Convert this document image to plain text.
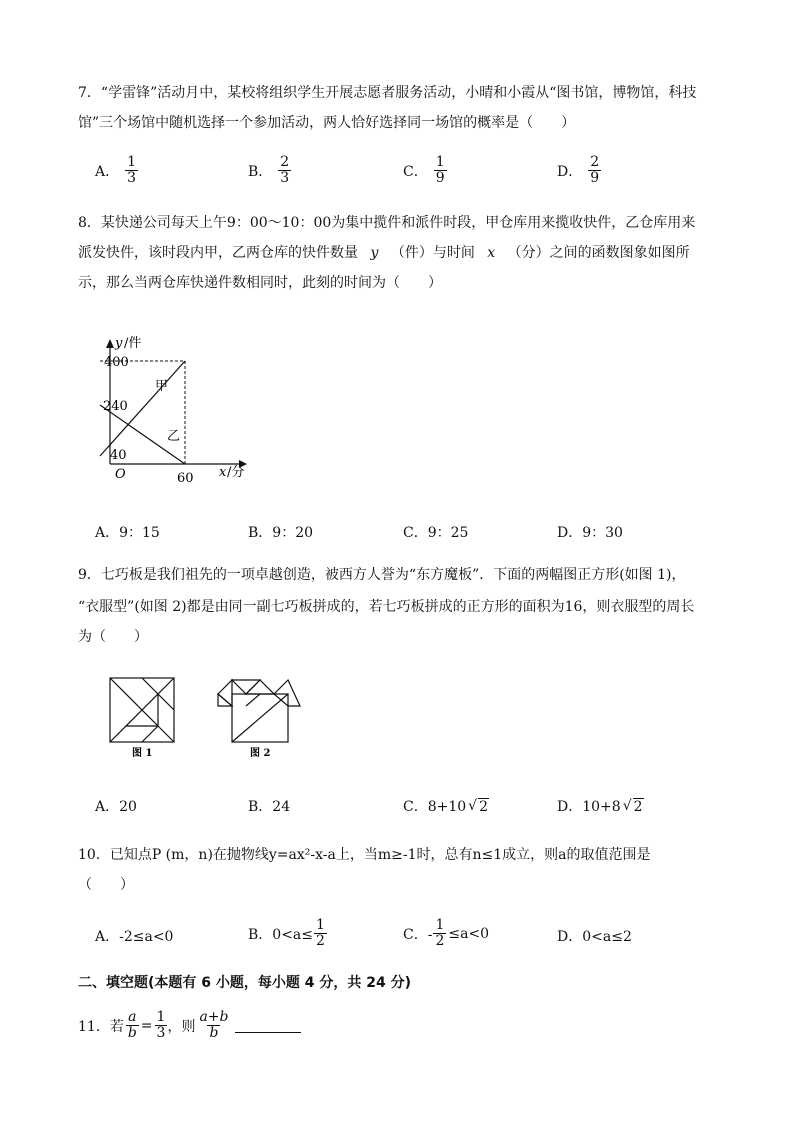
7．“学雷锋”活动月中，某校将组织学生开展志愿者服务活动，小晴和小霞从“图书馆，博物馆，科技
馆”三个场馆中随机选择一个参加活动，两人恰好选择同一场馆的概率是（　　）
A． $\frac{1}{3}$	B． $\frac{2}{3}$	C． $\frac{1}{9}$	D． $\frac{2}{9}$
8．某快递公司每天上午9：00～10：00为集中揽件和派件时段，甲仓库用来揽收快件，乙仓库用来
派发快件，该时段内甲，乙两仓库的快件数量 y （件）与时间 x （分）之间的函数图象如图所
示，那么当两仓库快递件数相同时，此刻的时间为（　　）
y /件
x /分
O
400
240
40
60
甲
乙
A．9：15	B．9：20	C．9：25	D．9：30
9．七巧板是我们祖先的一项卓越创造，被西方人誉为“东方魔板”．下面的两幅图正方形(如图 1)，
“衣服型”(如图 2)都是由同一副七巧板拼成的，若七巧板拼成的正方形的面积为16，则衣服型的周长
为（　　）
图 1	图 2
A．20	B．24	C．8+10 √ 2	D．10+8 √ 2
10．已知点P (m，n)在抛物线y=ax²-x-a上，当m≥-1时，总有n≤1成立，则a的取值范围是
（　　）
A．-2≤a<0	B．$0<a\le \frac{1}{2}$	C．- $\frac{1}{2} \le a<0$	D．0<a≤2
二、填空题(本题有 6 小题，每小题 4 分，共 24 分)
11．若 $\frac{a}{b} = \frac{1}{3}$ ，则 $\frac{a+b}{b}$
